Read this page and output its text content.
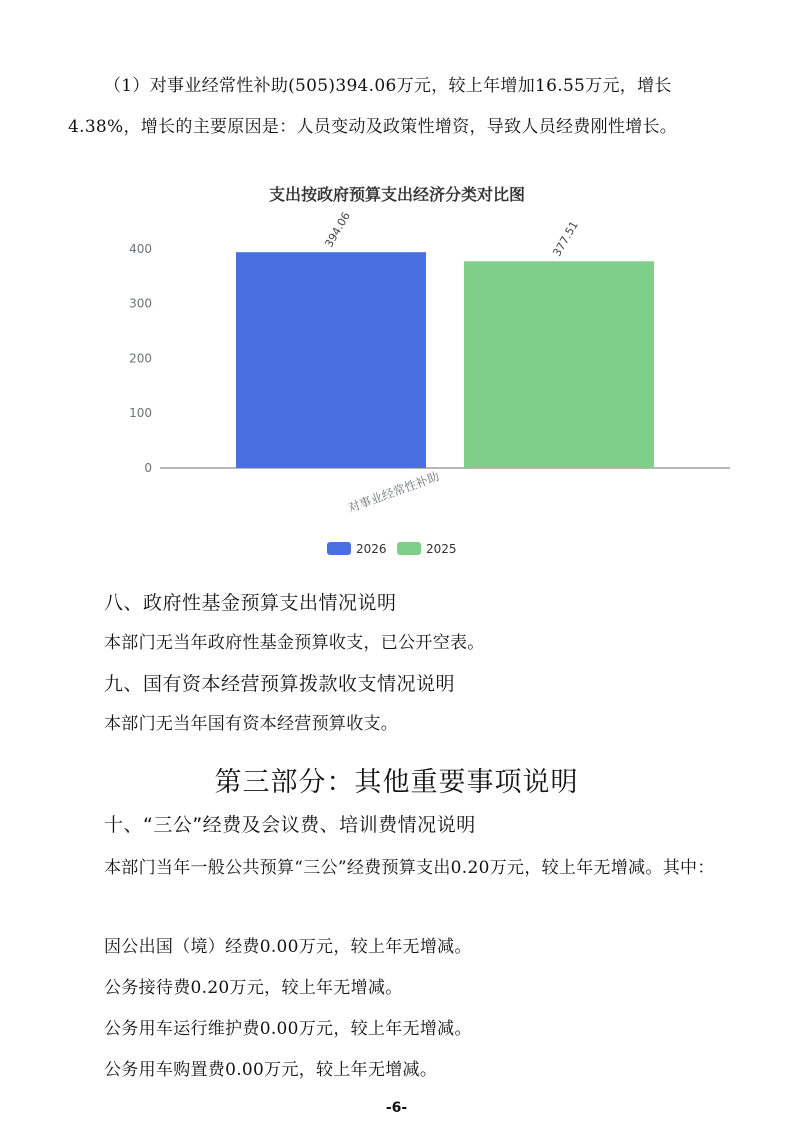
（1）对事业经常性补助(505)394.06万元，较上年增加16.55万元，增长4.38%，增长的主要原因是：人员变动及政策性增资，导致人员经费刚性增长。

支出按政府预算支出经济分类对比图
0
100
200
300
400	394.06	377.51
对事业经常性补助
2026	2025

八、政府性基金预算支出情况说明

本部门无当年政府性基金预算收支，已公开空表。

九、国有资本经营预算拨款收支情况说明

本部门无当年国有资本经营预算收支。

第三部分：其他重要事项说明

十、“三公”经费及会议费、培训费情况说明

本部门当年一般公共预算“三公”经费预算支出0.20万元，较上年无增减。其中：

因公出国（境）经费0.00万元，较上年无增减。

公务接待费0.20万元，较上年无增减。

公务用车运行维护费0.00万元，较上年无增减。

公务用车购置费0.00万元，较上年无增减。

-6-
